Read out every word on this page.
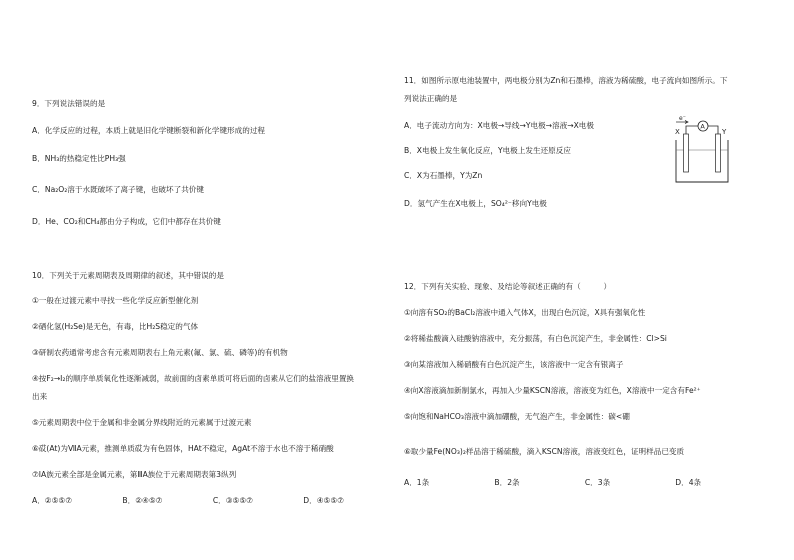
9．下列说法错误的是
A．化学反应的过程，本质上就是旧化学键断裂和新化学键形成的过程
B．NH₃的热稳定性比PH₃强
C．Na₂O₂溶于水既破坏了离子键，也破坏了共价键
D．He、CO₂和CH₄都由分子构成，它们中都存在共价键
10．下列关于元素周期表及周期律的叙述，其中错误的是
①一般在过渡元素中寻找一些化学反应新型催化剂
②硒化氢(H₂Se)是无色，有毒，比H₂S稳定的气体
③研制农药通常考虑含有元素周期表右上角元素(氟、氯、硫、磷等)的有机物
④按F₂→I₂的顺序单质氧化性逐渐减弱，故前面的卤素单质可将后面的卤素从它们的盐溶液里置换
出来
⑤元素周期表中位于金属和非金属分界线附近的元素属于过渡元素
⑥砹(At)为ⅦA元素，推测单质砹为有色固体，HAt不稳定，AgAt不溶于水也不溶于稀硝酸
⑦ⅠA族元素全部是金属元素，第ⅢA族位于元素周期表第3纵列
A．②⑤⑤⑦	B．②④⑤⑦	C．③⑤⑤⑦	D．④⑤⑤⑦
11．如图所示原电池装置中，两电极分别为Zn和石墨棒，溶液为稀硫酸，电子流向如图所示。下
列说法正确的是
A．电子流动方向为：X电极→导线→Y电极→溶液→X电极
B．X电极上发生氧化反应，Y电极上发生还原反应
C．X为石墨棒，Y为Zn
D．氢气产生在X电极上，SO₄²⁻移向Y电极
12．下列有关实验、现象、及结论等叙述正确的有（　　　）
①向溶有SO₂的BaCl₂溶液中通入气体X，出现白色沉淀，X具有强氧化性
②将稀盐酸滴入硅酸钠溶液中，充分振荡，有白色沉淀产生，非金属性：Cl>Si
③向某溶液加入稀硝酸有白色沉淀产生，该溶液中一定含有银离子
④向X溶液滴加新制氯水，再加入少量KSCN溶液，溶液变为红色，X溶液中一定含有Fe²⁺
⑤向饱和NaHCO₃溶液中滴加硼酸，无气泡产生，非金属性：碳<硼
⑥取少量Fe(NO₃)₂样品溶于稀硫酸，滴入KSCN溶液，溶液变红色，证明样品已变质
A．1条	B．2条	C．3条	D．4条
e⁻
A
X	Y
